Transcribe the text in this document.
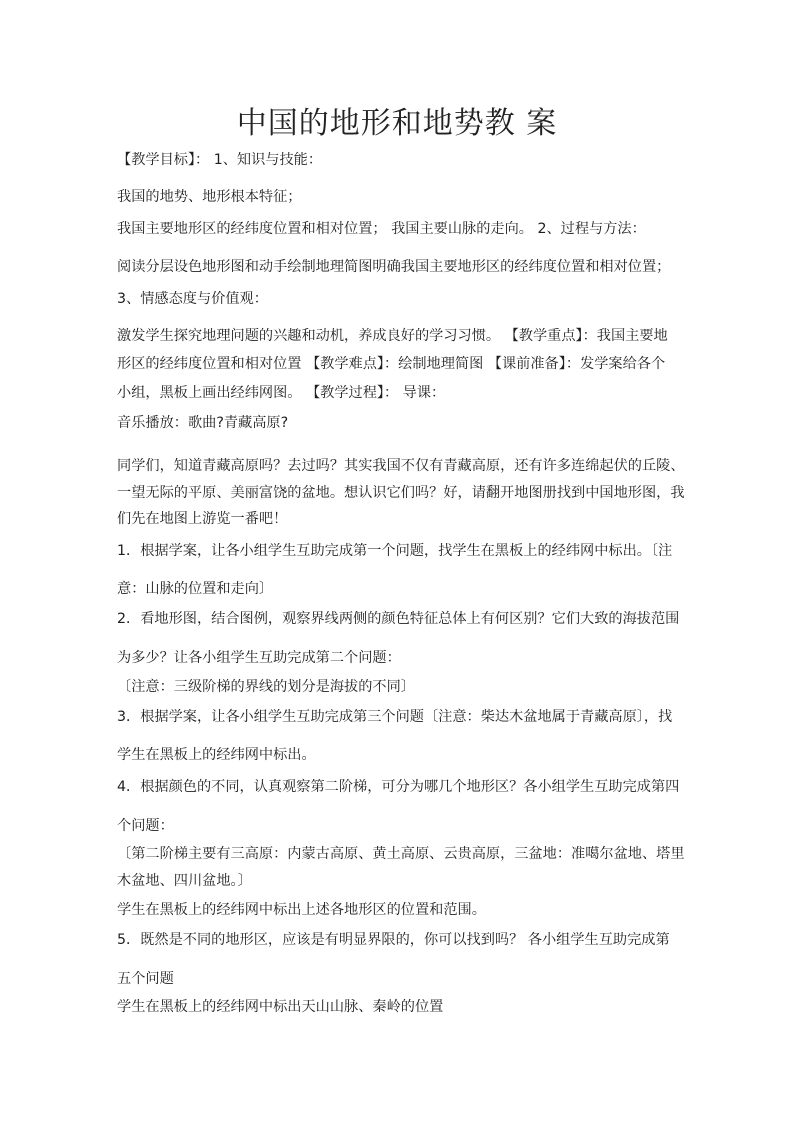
中国的地形和地势教 案
【教学目标】： 1、知识与技能：
我国的地势、地形根本特征；
我国主要地形区的经纬度位置和相对位置； 我国主要山脉的走向。 2、过程与方法：
阅读分层设色地形图和动手绘制地理简图明确我国主要地形区的经纬度位置和相对位置；
3、情感态度与价值观：
激发学生探究地理问题的兴趣和动机，养成良好的学习习惯。 【教学重点】：我国主要地
形区的经纬度位置和相对位置 【教学难点】：绘制地理简图 【课前准备】：发学案给各个
小组，黑板上画出经纬网图。 【教学过程】： 导课：
音乐播放：歌曲?青藏高原?
同学们，知道青藏高原吗？去过吗？其实我国不仅有青藏高原，还有许多连绵起伏的丘陵、
一望无际的平原、美丽富饶的盆地。想认识它们吗？好，请翻开地图册找到中国地形图，我
们先在地图上游览一番吧！
1．根据学案，让各小组学生互助完成第一个问题，找学生在黑板上的经纬网中标出。〔注
意：山脉的位置和走向〕
2．看地形图，结合图例，观察界线两侧的颜色特征总体上有何区别？它们大致的海拔范围
为多少？让各小组学生互助完成第二个问题：
〔注意：三级阶梯的界线的划分是海拔的不同〕
3．根据学案，让各小组学生互助完成第三个问题〔注意：柴达木盆地属于青藏高原〕，找
学生在黑板上的经纬网中标出。
4．根据颜色的不同，认真观察第二阶梯，可分为哪几个地形区？各小组学生互助完成第四
个问题：
〔第二阶梯主要有三高原：内蒙古高原、黄土高原、云贵高原，三盆地：准噶尔盆地、塔里
木盆地、四川盆地。〕
学生在黑板上的经纬网中标出上述各地形区的位置和范围。
5．既然是不同的地形区，应该是有明显界限的，你可以找到吗？ 各小组学生互助完成第
五个问题
学生在黑板上的经纬网中标出天山山脉、秦岭的位置
